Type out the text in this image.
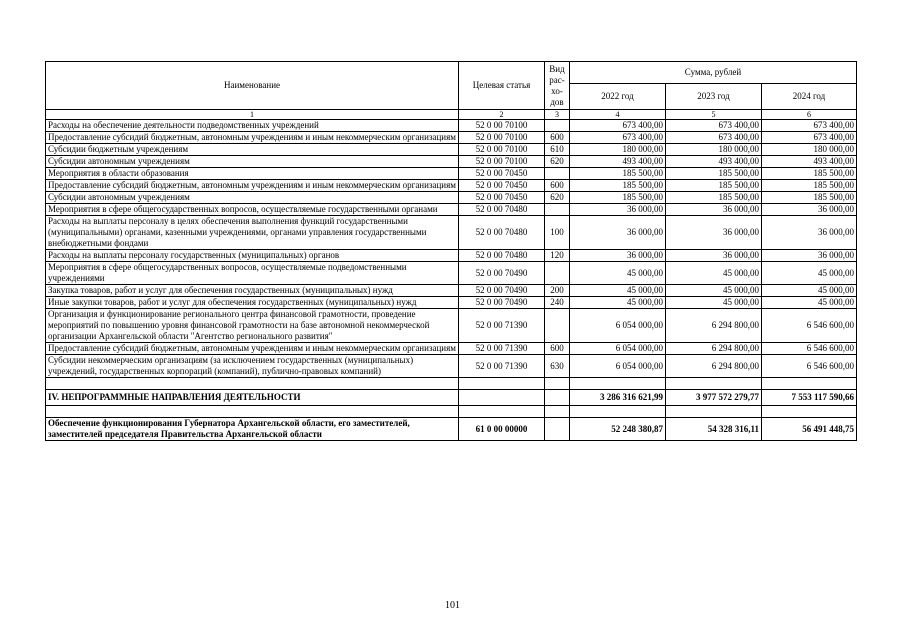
Наименование	Целевая статья	Вид
рас-
хо-
дов	Сумма, рублей		
			2022 год	2023 год	2024 год
1	2	3	4	5	6
Расходы на обеспечение деятельности подведомственных учреждений	52 0 00 70100		673 400,00	673 400,00	673 400,00
Предоставление субсидий бюджетным, автономным учреждениям и иным некоммерческим организациям	52 0 00 70100	600	673 400,00	673 400,00	673 400,00
Субсидии бюджетным учреждениям	52 0 00 70100	610	180 000,00	180 000,00	180 000,00
Субсидии автономным учреждениям	52 0 00 70100	620	493 400,00	493 400,00	493 400,00
Мероприятия в области образования	52 0 00 70450		185 500,00	185 500,00	185 500,00
Предоставление субсидий бюджетным, автономным учреждениям и иным некоммерческим организациям	52 0 00 70450	600	185 500,00	185 500,00	185 500,00
Субсидии автономным учреждениям	52 0 00 70450	620	185 500,00	185 500,00	185 500,00
Мероприятия в сфере общегосударственных вопросов, осуществляемые государственными органами	52 0 00 70480		36 000,00	36 000,00	36 000,00
Расходы на выплаты персоналу в целях обеспечения выполнения функций государственными (муниципальными) органами, казенными учреждениями, органами управления государственными внебюджетными фондами	52 0 00 70480	100	36 000,00	36 000,00	36 000,00
Расходы на выплаты персоналу государственных (муниципальных) органов	52 0 00 70480	120	36 000,00	36 000,00	36 000,00
Мероприятия в сфере общегосударственных вопросов, осуществляемые подведомственными учреждениями	52 0 00 70490		45 000,00	45 000,00	45 000,00
Закупка товаров, работ и услуг для обеспечения государственных (муниципальных) нужд	52 0 00 70490	200	45 000,00	45 000,00	45 000,00
Иные закупки товаров, работ и услуг для обеспечения государственных (муниципальных) нужд	52 0 00 70490	240	45 000,00	45 000,00	45 000,00
Организация и функционирование регионального центра финансовой грамотности, проведение мероприятий по повышению уровня финансовой грамотности на базе автономной некоммерческой организации Архангельской области "Агентство регионального развития"	52 0 00 71390		6 054 000,00	6 294 800,00	6 546 600,00
Предоставление субсидий бюджетным, автономным учреждениям и иным некоммерческим организациям	52 0 00 71390	600	6 054 000,00	6 294 800,00	6 546 600,00
Субсидии некоммерческим организациям (за исключением государственных (муниципальных) учреждений, государственных корпораций (компаний), публично-правовых компаний)	52 0 00 71390	630	6 054 000,00	6 294 800,00	6 546 600,00

IV. НЕПРОГРАММНЫЕ НАПРАВЛЕНИЯ ДЕЯТЕЛЬНОСТИ			3 286 316 621,99	3 977 572 279,77	7 553 117 590,66

Обеспечение функционирования Губернатора Архангельской области, его заместителей, заместителей председателя Правительства Архангельской области	61 0 00 00000		52 248 380,87	54 328 316,11	56 491 448,75
101
